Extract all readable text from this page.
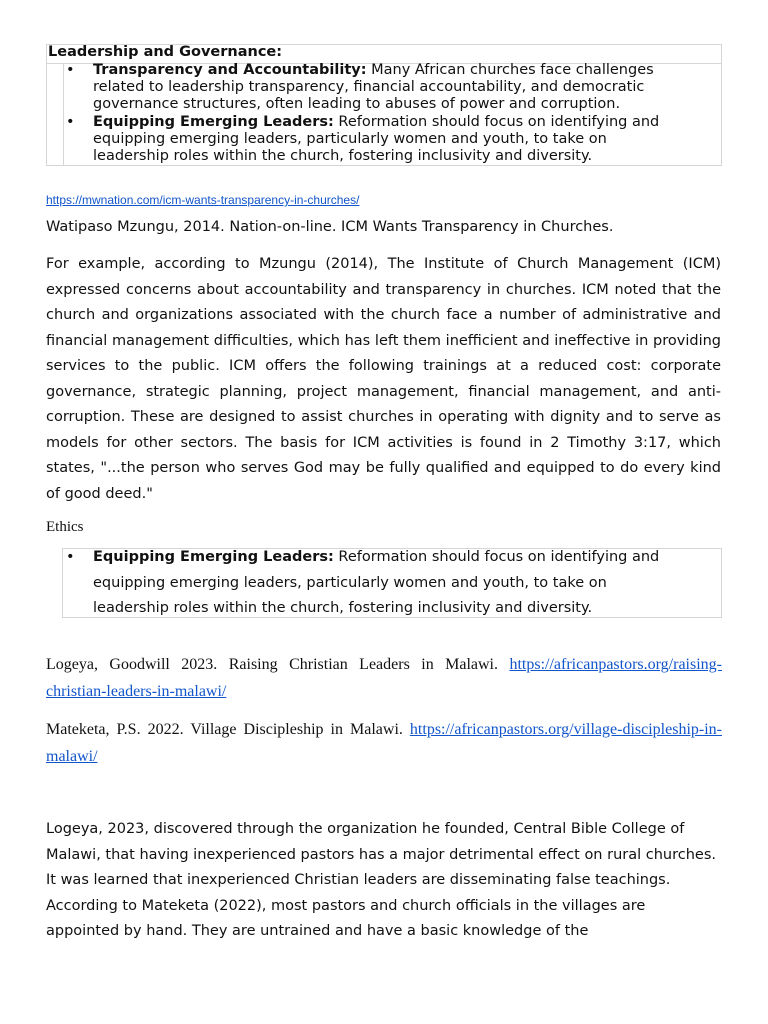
Leadership and Governance:
• Transparency and Accountability: Many African churches face challenges
related to leadership transparency, financial accountability, and democratic
governance structures, often leading to abuses of power and corruption.
• Equipping Emerging Leaders: Reformation should focus on identifying and
equipping emerging leaders, particularly women and youth, to take on
leadership roles within the church, fostering inclusivity and diversity.
https://mwnation.com/icm-wants-transparency-in-churches/
Watipaso Mzungu, 2014. Nation-on-line. ICM Wants Transparency in Churches.
For example, according to Mzungu (2014), The Institute of Church Management (ICM) expressed concerns about accountability and transparency in churches. ICM noted that the church and organizations associated with the church face a number of administrative and financial management difficulties, which has left them inefficient and ineffective in providing services to the public. ICM offers the following trainings at a reduced cost: corporate governance, strategic planning, project management, financial management, and anti-corruption. These are designed to assist churches in operating with dignity and to serve as models for other sectors. The basis for ICM activities is found in 2 Timothy 3:17, which states, "...the person who serves God may be fully qualified and equipped to do every kind of good deed."
Ethics
• Equipping Emerging Leaders: Reformation should focus on identifying and
equipping emerging leaders, particularly women and youth, to take on
leadership roles within the church, fostering inclusivity and diversity.
Logeya, Goodwill 2023. Raising Christian Leaders in Malawi. https://africanpastors.org/raising-christian-leaders-in-malawi/
Mateketa, P.S. 2022. Village Discipleship in Malawi. https://africanpastors.org/village-discipleship-in-malawi/
Logeya, 2023, discovered through the organization he founded, Central Bible College of Malawi, that having inexperienced pastors has a major detrimental effect on rural churches. It was learned that inexperienced Christian leaders are disseminating false teachings. According to Mateketa (2022), most pastors and church officials in the villages are appointed by hand. They are untrained and have a basic knowledge of the
